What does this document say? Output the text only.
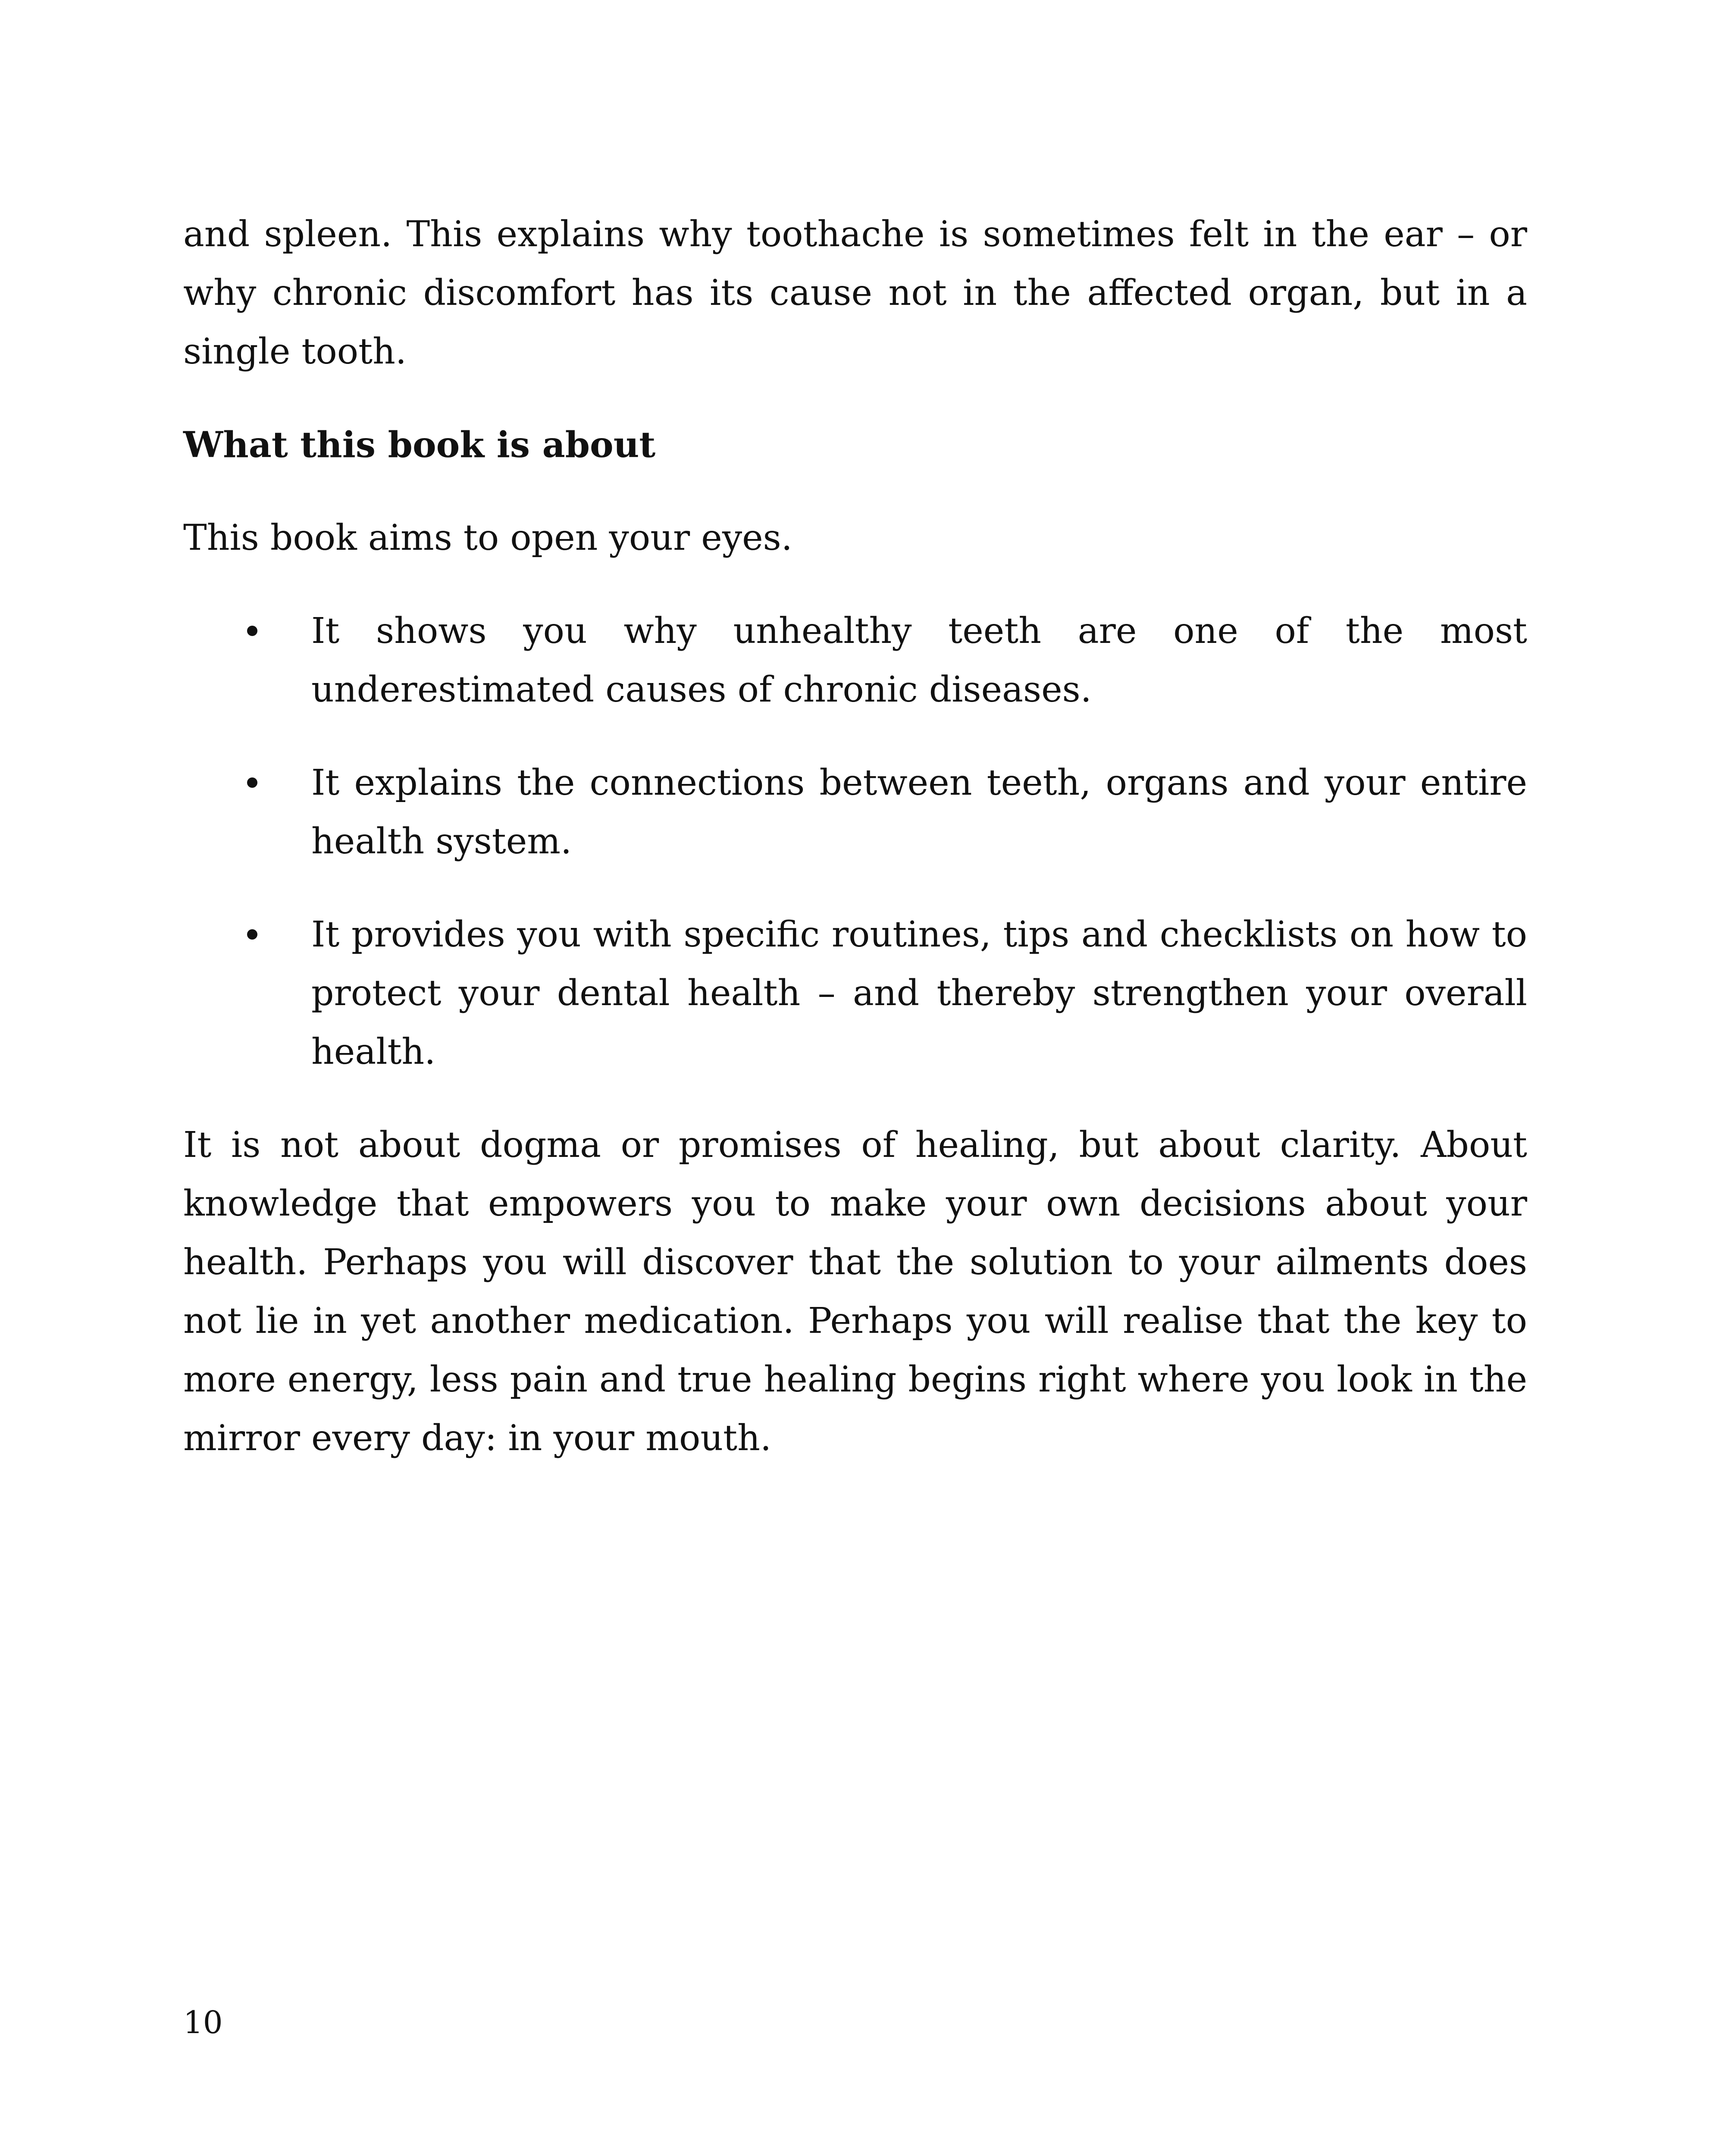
and spleen. This explains why toothache is sometimes felt in the ear – or why chronic discomfort has its cause not in the affected organ, but in a single tooth.

What this book is about

This book aims to open your eyes.

It shows you why unhealthy teeth are one of the most underestimated causes of chronic diseases.
It explains the connections between teeth, organs and your entire health system.
It provides you with specific routines, tips and checklists on how to protect your dental health – and thereby strengthen your overall health.

It is not about dogma or promises of healing, but about clarity. About knowledge that empowers you to make your own decisions about your health. Perhaps you will discover that the solution to your ailments does not lie in yet another medication. Perhaps you will realise that the key to more energy, less pain and true healing begins right where you look in the mirror every day: in your mouth.

10
